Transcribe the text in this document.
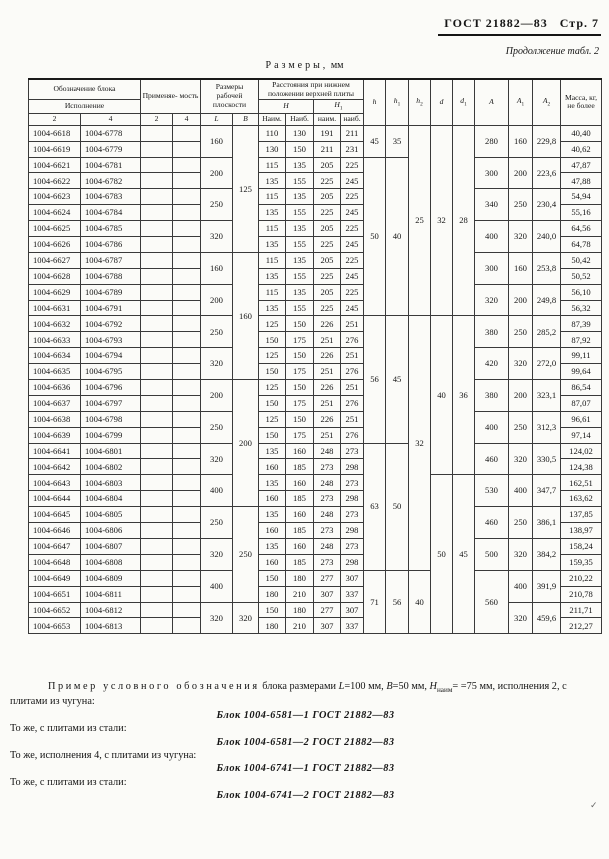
ГОСТ 21882—83 Стр. 7
Продолжение табл. 2
Размеры, мм
Обозначение блока		Применяе- мость		Размеры рабочей плоскости		Расстояния при нижнем положении верхней плиты				h	$h_1$	$h_2$	d	$d_1$	A	$A_1$	$A_2$	Масса, кг, не более
Исполнение						H		$H_1$
2	4	2	4	L	B	Наим.	Наиб.	наим.	наиб.									
1004-6618	1004-6778			160	125	110	130	191	211	45	35	25	32	28	280	160	229,8	40,40
1004-6619	1004-6779					130	150	211	231									40,62
1004-6621	1004-6781			200		115	135	205	225	50	40				300	200	223,6	47,87
1004-6622	1004-6782					135	155	225	245									47,88
1004-6623	1004-6783			250		115	135	205	225						340	250	230,4	54,94
1004-6624	1004-6784					135	155	225	245									55,16
1004-6625	1004-6785			320		115	135	205	225						400	320	240,0	64,56
1004-6626	1004-6786					135	155	225	245									64,78
1004-6627	1004-6787			160	160	115	135	205	225						300	160	253,8	50,42
1004-6628	1004-6788					135	155	225	245									50,52
1004-6629	1004-6789			200		115	135	205	225						320	200	249,8	56,10
1004-6631	1004-6791					135	155	225	245									56,32
1004-6632	1004-6792			250		125	150	226	251	56	45	32	40	36	380	250	285,2	87,39
1004-6633	1004-6793					150	175	251	276									87,92
1004-6634	1004-6794			320		125	150	226	251						420	320	272,0	99,11
1004-6635	1004-6795					150	175	251	276									99,64
1004-6636	1004-6796			200	200	125	150	226	251						380	200	323,1	86,54
1004-6637	1004-6797					150	175	251	276									87,07
1004-6638	1004-6798			250		125	150	226	251						400	250	312,3	96,61
1004-6639	1004-6799					150	175	251	276									97,14
1004-6641	1004-6801			320		135	160	248	273	63	50				460	320	330,5	124,02
1004-6642	1004-6802					160	185	273	298									124,38
1004-6643	1004-6803			400		135	160	248	273				50	45	530	400	347,7	162,51
1004-6644	1004-6804					160	185	273	298									163,62
1004-6645	1004-6805			250	250	135	160	248	273						460	250	386,1	137,85
1004-6646	1004-6806					160	185	273	298									138,97
1004-6647	1004-6807			320		135	160	248	273						500	320	384,2	158,24
1004-6648	1004-6808					160	185	273	298									159,35
1004-6649	1004-6809			400		150	180	277	307	71	56	40			560	400	391,9	210,22
1004-6651	1004-6811					180	210	307	337									210,78
1004-6652	1004-6812			320	320	150	180	277	307							320	459,6	211,71
1004-6653	1004-6813					180	210	307	337									212,27

Пример условного обозначения блока размерами L=100 мм, B=50 мм, $H_{наим}= =75$ мм, исполнения 2, с плитами из чугуна:

Блок 1004-6581—1 ГОСТ 21882—83

То же, с плитами из стали:

Блок 1004-6581—2 ГОСТ 21882—83

То же, исполнения 4, с плитами из чугуна:

Блок 1004-6741—1 ГОСТ 21882—83

То же, с плитами из стали:

Блок 1004-6741—2 ГОСТ 21882—83

✓
